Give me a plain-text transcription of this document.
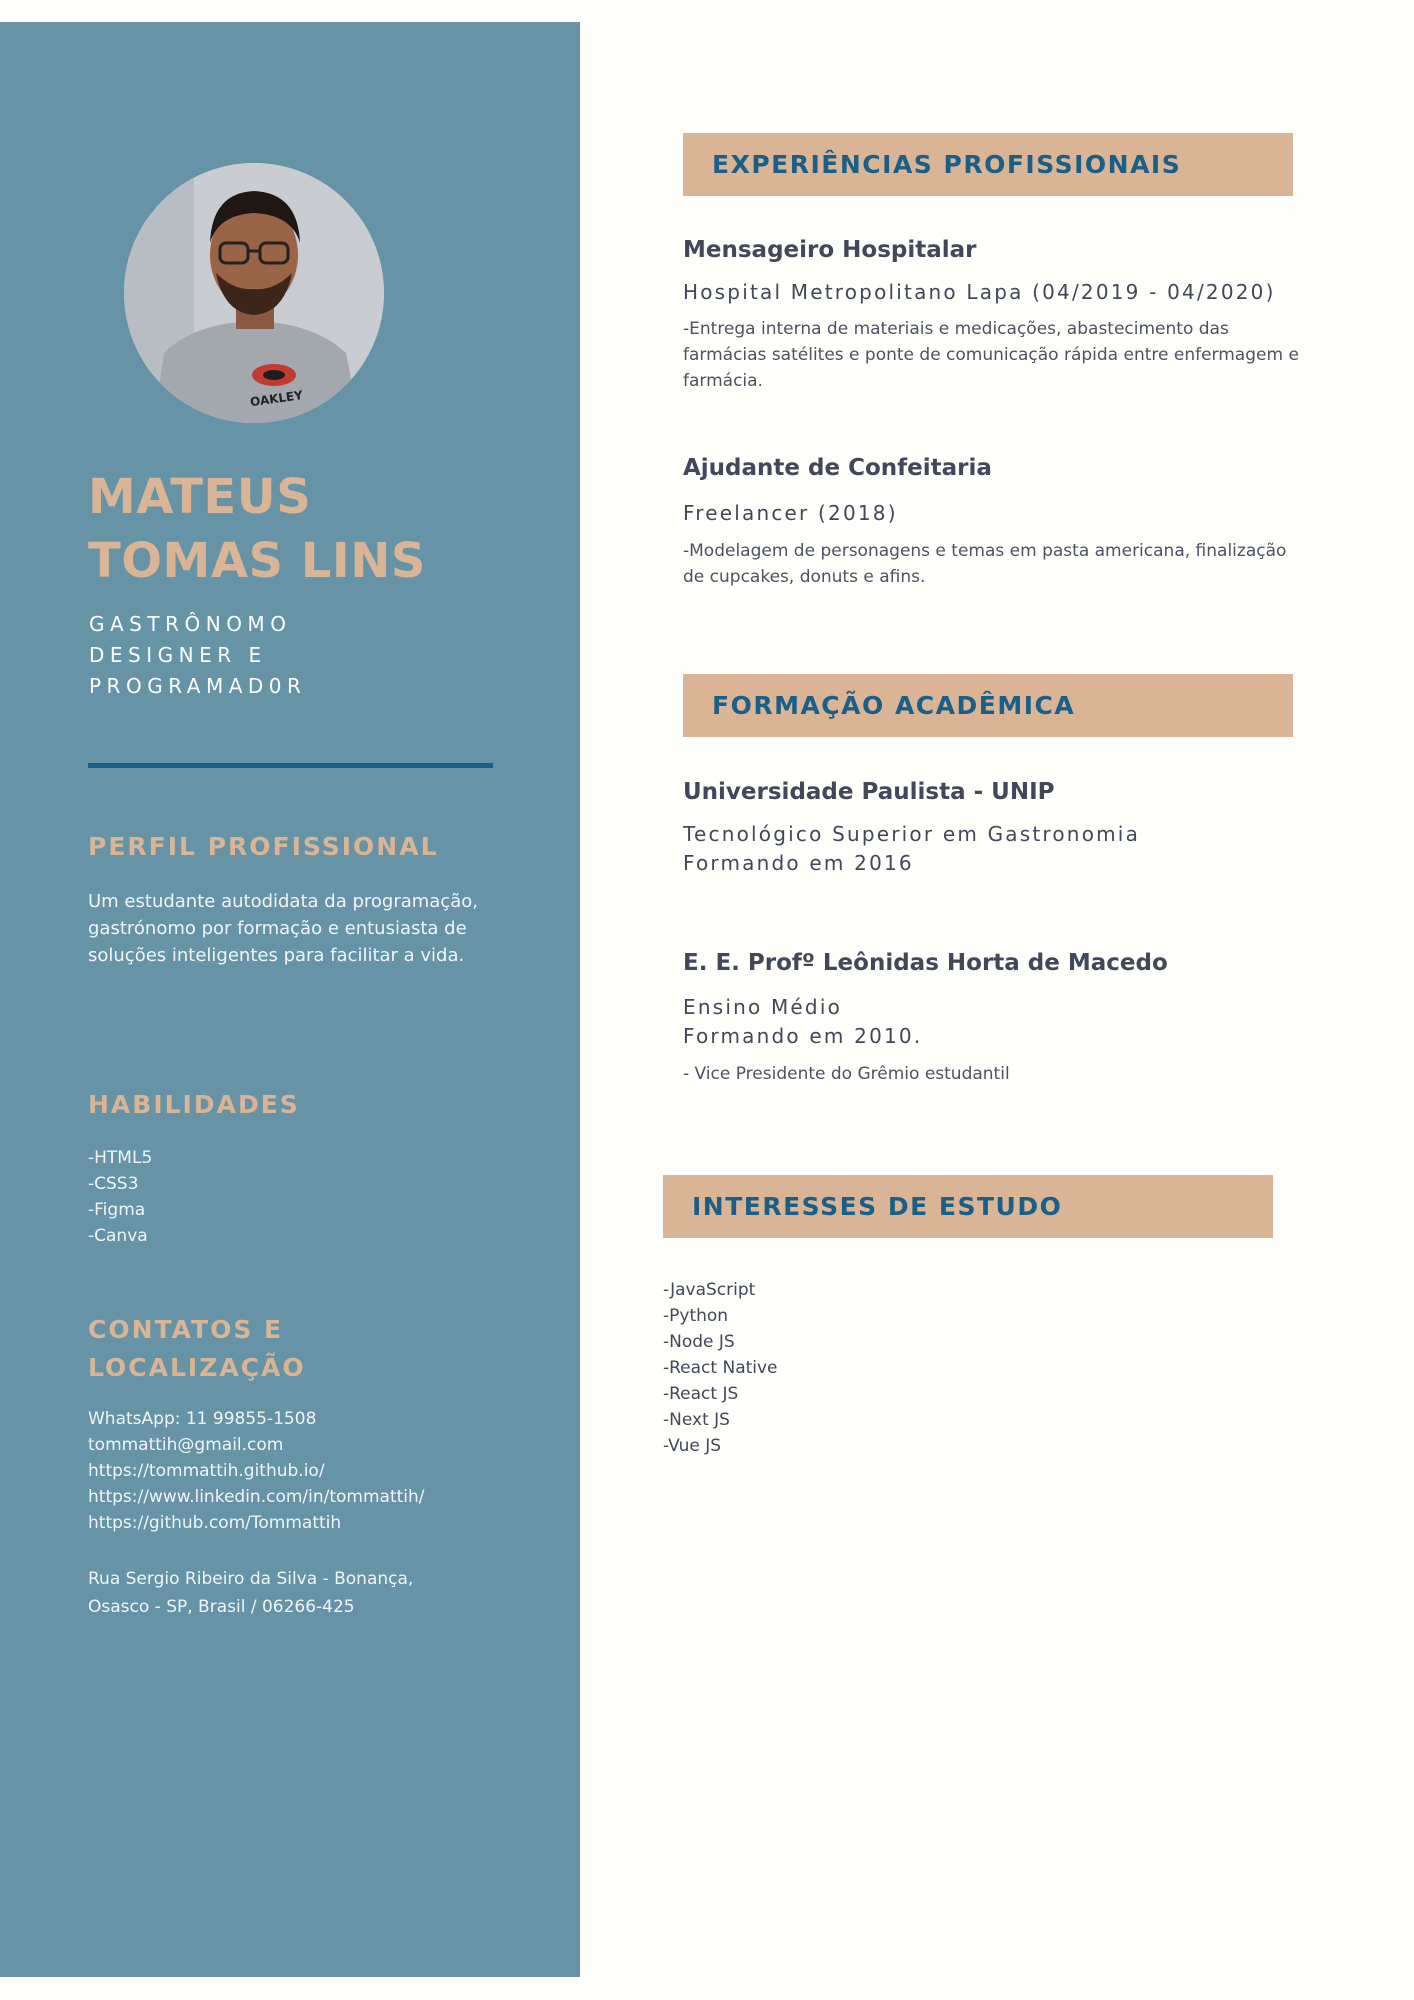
OAKLEY
MATEUS
TOMAS LINS
GASTRÔNOMO
DESIGNER E
PROGRAMAD0R
PERFIL PROFISSIONAL
Um estudante autodidata da programação, gastrónomo por formação e entusiasta de soluções inteligentes para facilitar a vida.
HABILIDADES
-HTML5
-CSS3
-Figma
-Canva
CONTATOS E
LOCALIZAÇÃO
WhatsApp: 11 99855-1508
tommattih@gmail.com
https://tommattih.github.io/
https://www.linkedin.com/in/tommattih/
https://github.com/Tommattih
Rua Sergio Ribeiro da Silva - Bonança,
Osasco - SP, Brasil / 06266-425
EXPERIÊNCIAS PROFISSIONAIS
Mensageiro Hospitalar
Hospital Metropolitano Lapa (04/2019 - 04/2020)
-Entrega interna de materiais e medicações, abastecimento das farmácias satélites e ponte de comunicação rápida entre enfermagem e farmácia.
Ajudante de Confeitaria
Freelancer (2018)
-Modelagem de personagens e temas em pasta americana, finalização de cupcakes, donuts e afins.
FORMAÇÃO ACADÊMICA
Universidade Paulista - UNIP
Tecnológico Superior em Gastronomia
Formando em 2016
E. E. Profº Leônidas Horta de Macedo
Ensino Médio
Formando em 2010.
- Vice Presidente do Grêmio estudantil
INTERESSES DE ESTUDO
-JavaScript
-Python
-Node JS
-React Native
-React JS
-Next JS
-Vue JS
